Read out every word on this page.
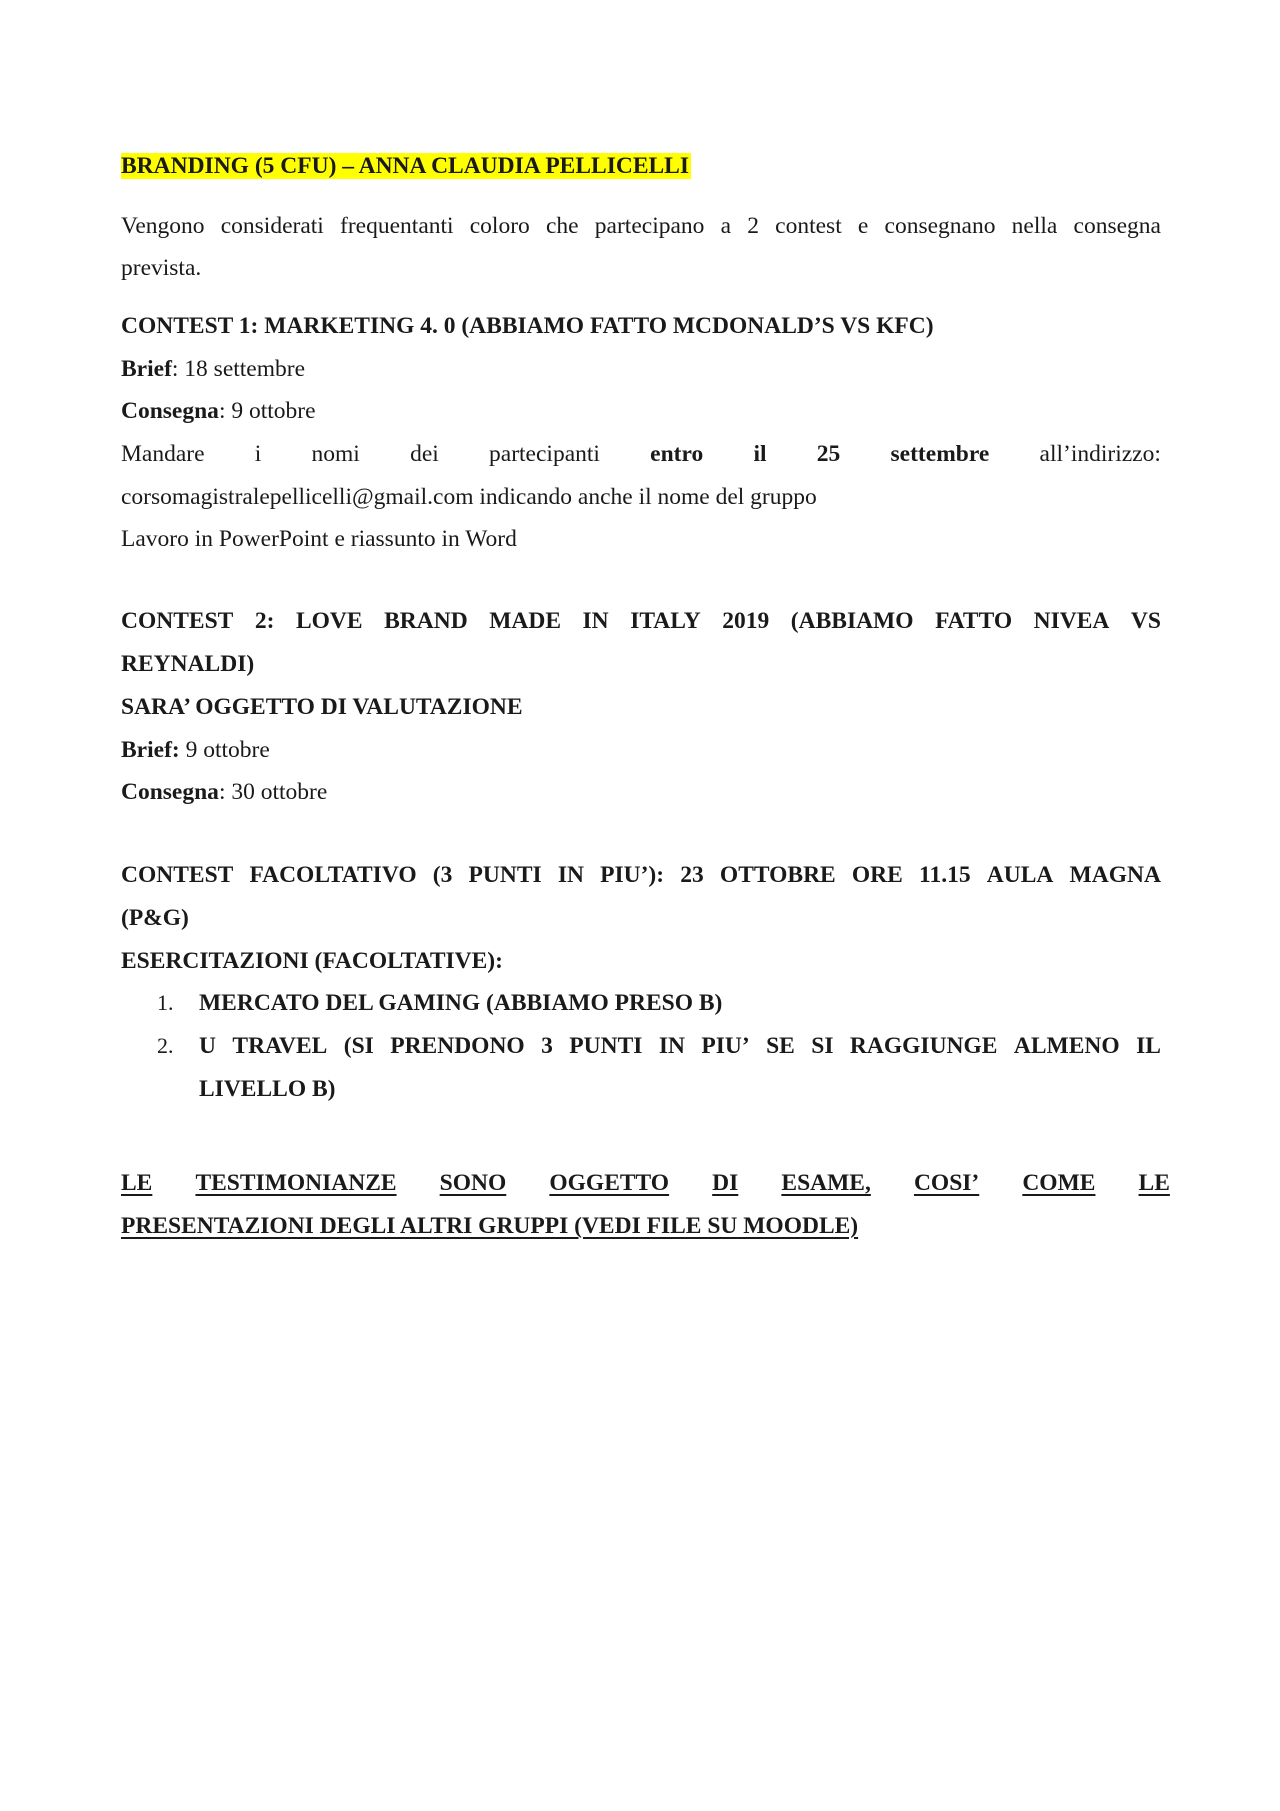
BRANDING (5 CFU) – ANNA CLAUDIA PELLICELLI
Vengono considerati frequentanti coloro che partecipano a 2 contest e consegnano nella consegna
prevista.
CONTEST 1: MARKETING 4. 0 (ABBIAMO FATTO MCDONALD’S VS KFC)
Brief: 18 settembre
Consegna: 9 ottobre
Mandare i nomi dei partecipanti entro il 25 settembre all’indirizzo:
corsomagistralepellicelli@gmail.com indicando anche il nome del gruppo
Lavoro in PowerPoint e riassunto in Word
CONTEST 2: LOVE BRAND MADE IN ITALY 2019 (ABBIAMO FATTO NIVEA VS
REYNALDI)
SARA’ OGGETTO DI VALUTAZIONE
Brief: 9 ottobre
Consegna: 30 ottobre
CONTEST FACOLTATIVO (3 PUNTI IN PIU’): 23 OTTOBRE ORE 11.15 AULA MAGNA
(P&G)
ESERCITAZIONI (FACOLTATIVE):
1. MERCATO DEL GAMING (ABBIAMO PRESO B)
2. U TRAVEL (SI PRENDONO 3 PUNTI IN PIU’ SE SI RAGGIUNGE ALMENO IL
LIVELLO B)
LE TESTIMONIANZE SONO OGGETTO DI ESAME, COSI’ COME LE
PRESENTAZIONI DEGLI ALTRI GRUPPI (VEDI FILE SU MOODLE)
